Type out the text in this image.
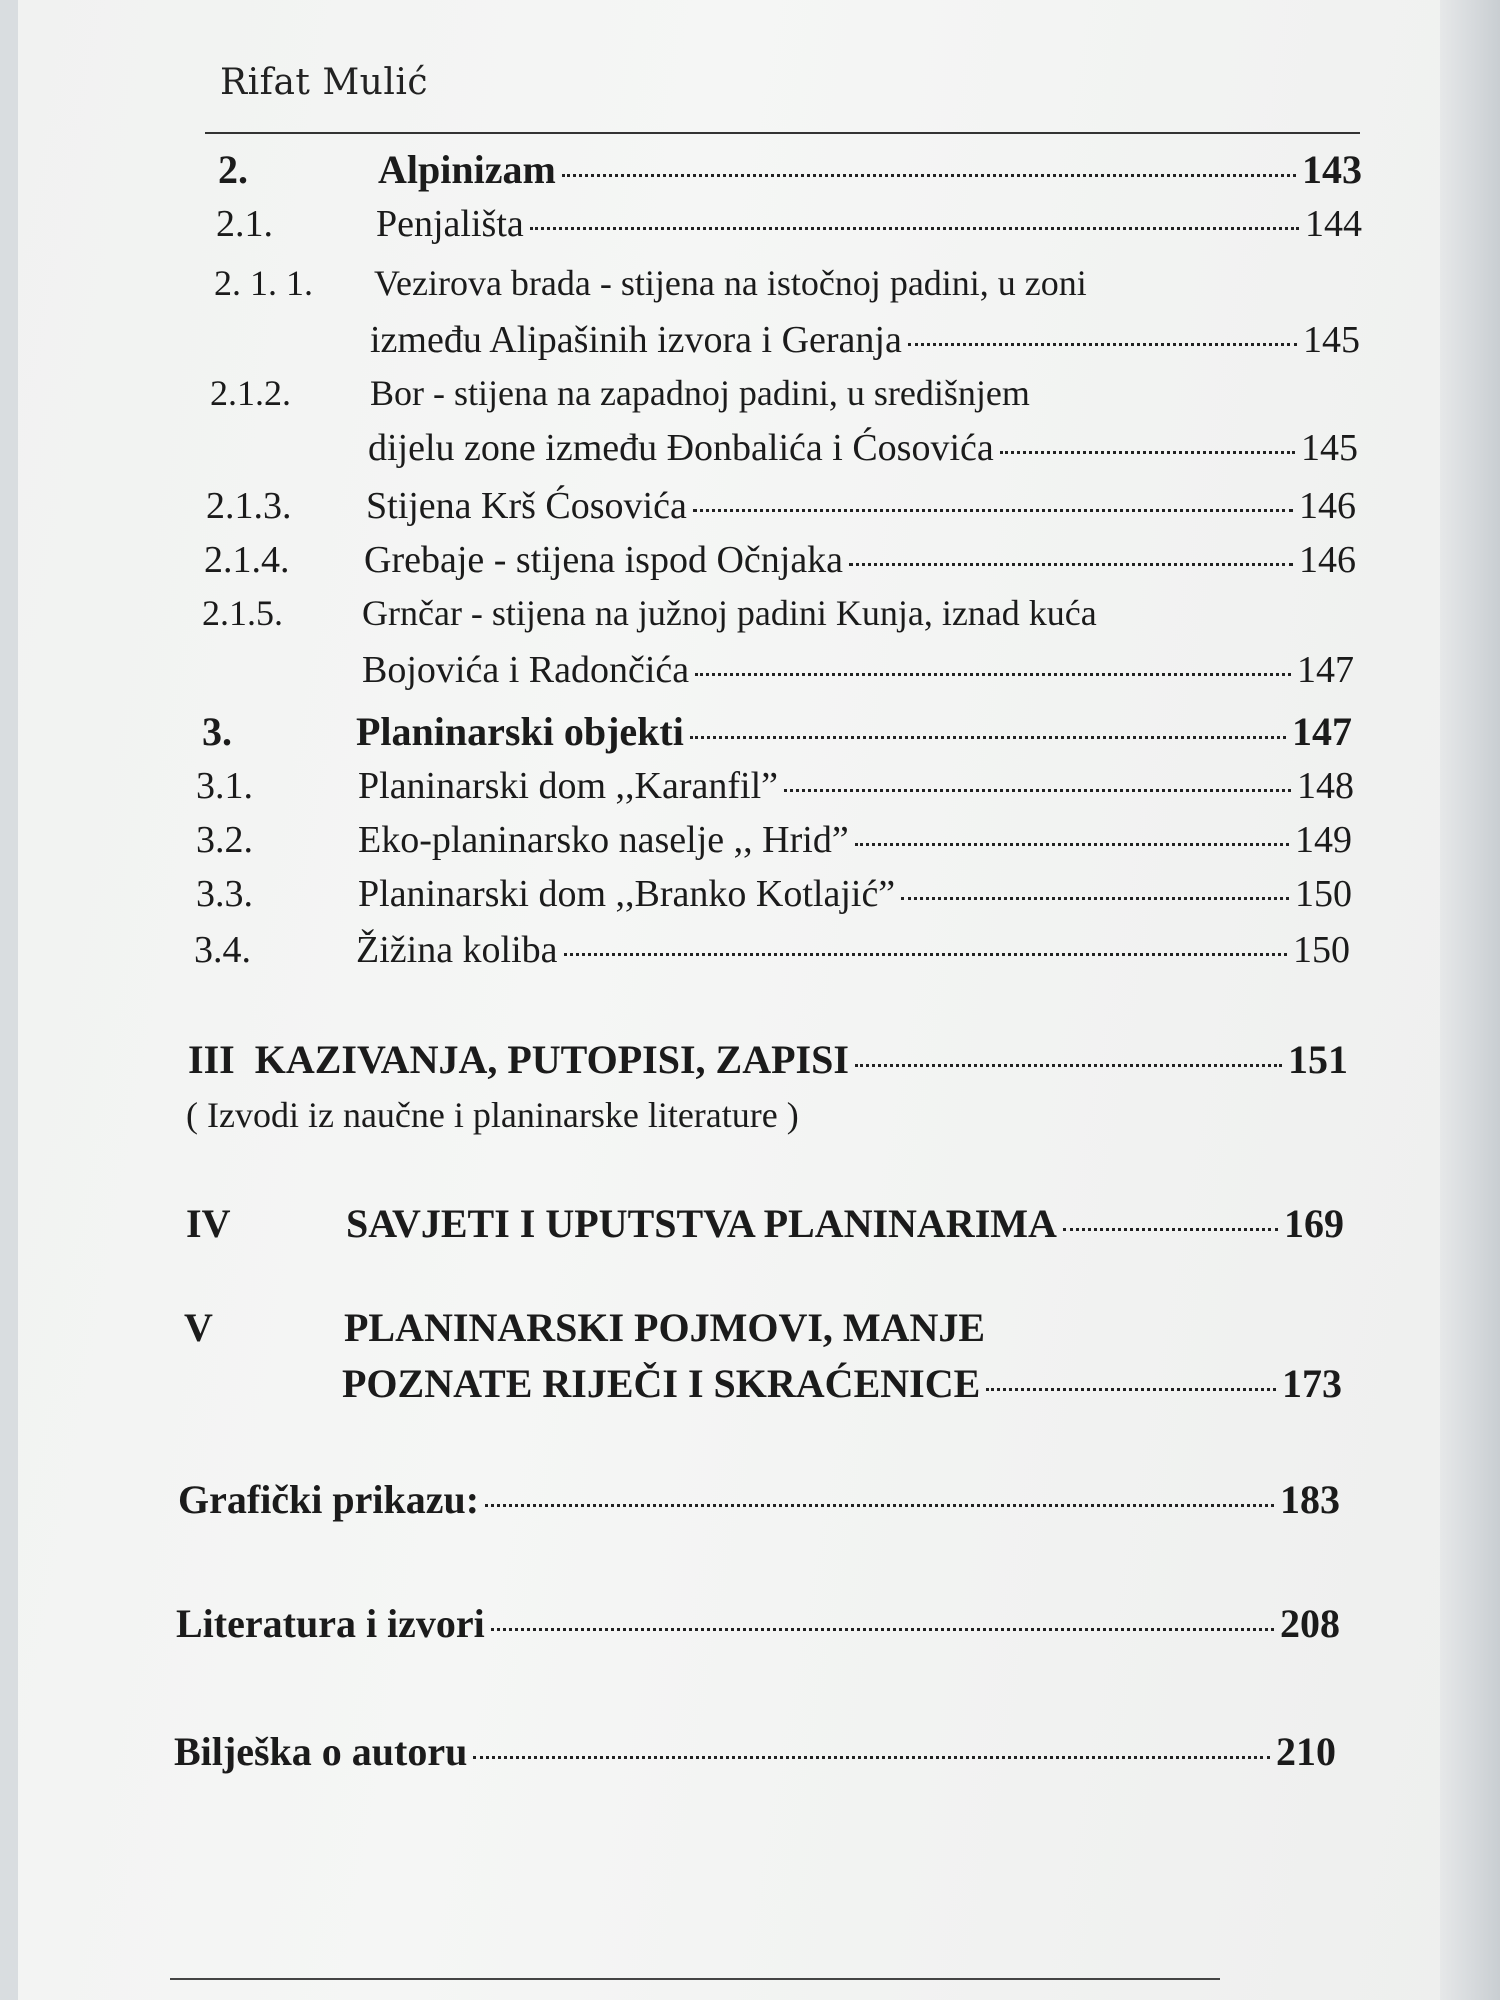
Rifat Mulić
2.	Alpinizam	143
2.1.	Penjališta	144
2. 1. 1. Vezirova brada - stijena na istočnoj padini, u zoni
između Alipašinih izvora i Geranja	145
2.1.2. Bor - stijena na zapadnoj padini, u središnjem
dijelu zone između Đonbalića i Ćosovića	145
2.1.3. Stijena Krš Ćosovića	146
2.1.4. Grebaje - stijena ispod Očnjaka	146
2.1.5. Grnčar - stijena na južnoj padini Kunja, iznad kuća
Bojovića i Radončića	147
3.	Planinarski objekti	147
3.1.	Planinarski dom ,,Karanfil”	148
3.2.	Eko-planinarsko naselje ,, Hrid”	149
3.3.	Planinarski dom ,,Branko Kotlajić”	150
3.4.	Žižina koliba	150
III KAZIVANJA, PUTOPISI, ZAPISI	151
( Izvodi iz naučne i planinarske literature )
IV	SAVJETI I UPUTSTVA PLANINARIMA	169
V	PLANINARSKI POJMOVI, MANJE
POZNATE RIJEČI I SKRAĆENICE	173
Grafički prikazu:	183
Literatura i izvori	208
Bilješka o autoru	210
